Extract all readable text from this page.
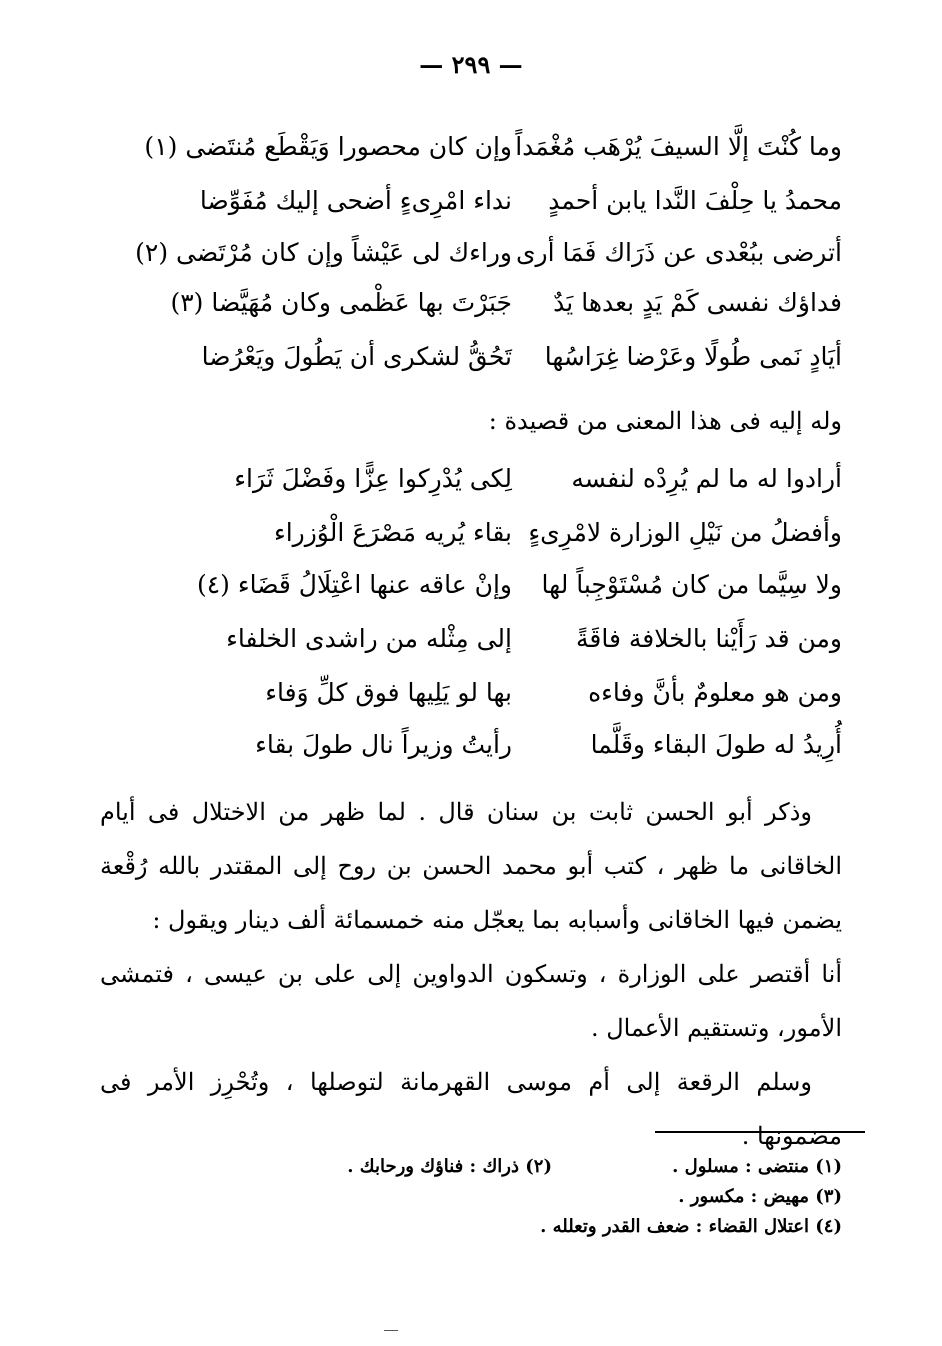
— ٢٩٩ —
وما كُنْتَ إلَّا السيفَ يُرْهَب مُغْمَداً
وإن كان محصورا وَيَقْطَع مُنتَضى (١)
محمدُ يا حِلْفَ النَّدا يابن أحمدٍ
نداء امْرِىءٍ أضحى إليك مُفَوِّضا
أترضى ببُعْدى عن ذَرَاك فَمَا أرى
وراءك لى عَيْشاً وإن كان مُرْتَضى (٢)
فداؤك نفسى كَمْ يَدٍ بعدها يَدٌ
جَبَرْتَ بها عَظْمى وكان مُهَيَّضا (٣)
أيَادٍ نَمى طُولًا وعَرْضا غِرَاسُها
تَحُقُّ لشكرى أن يَطُولَ ويَعْرُضا
وله إليه فى هذا المعنى من قصيدة :
أرادوا له ما لم يُرِدْه لنفسه
لِكى يُدْرِكوا عِزًّا وفَضْلَ ثَرَاء
وأفضلُ من نَيْلِ الوزارة لامْرِىءٍ
بقاء يُريه مَصْرَعَ الْوُزراء
ولا سِيَّما من كان مُسْتَوْجِباً لها
وإنْ عاقه عنها اعْتِلَالُ قَضَاء (٤)
ومن قد رَأَيْنا بالخلافة فاقَةً
إلى مِثْله من راشدى الخلفاء
ومن هو معلومٌ بأنَّ وفاءه
بها لو يَلِيها فوق كلِّ وَفاء
أُرِيدُ له طولَ البقاء وقَلَّما
رأيتُ وزيراً نال طولَ بقاء

وذكر أبو الحسن ثابت بن سنان قال . لما ظهر من الاختلال فى أيام الخاقانى ما ظهر ، كتب أبو محمد الحسن بن روح إلى المقتدر بالله رُقْعة يضمن فيها الخاقانى وأسبابه بما يعجّل منه خمسمائة ألف دينار ويقول :

أنا أقتصر على الوزارة ، وتسكون الدواوين إلى على بن عيسى ، فتمشى الأمور، وتستقيم الأعمال .

وسلم الرقعة إلى أم موسى القهرمانة لتوصلها ، وتُحْرِز الأمر فى مضمونها .

(١) منتضى : مسلول .
(٢) ذراك : فناؤك ورحابك .
(٣) مهيض : مكسور .
(٤) اعتلال القضاء : ضعف القدر وتعلله .
